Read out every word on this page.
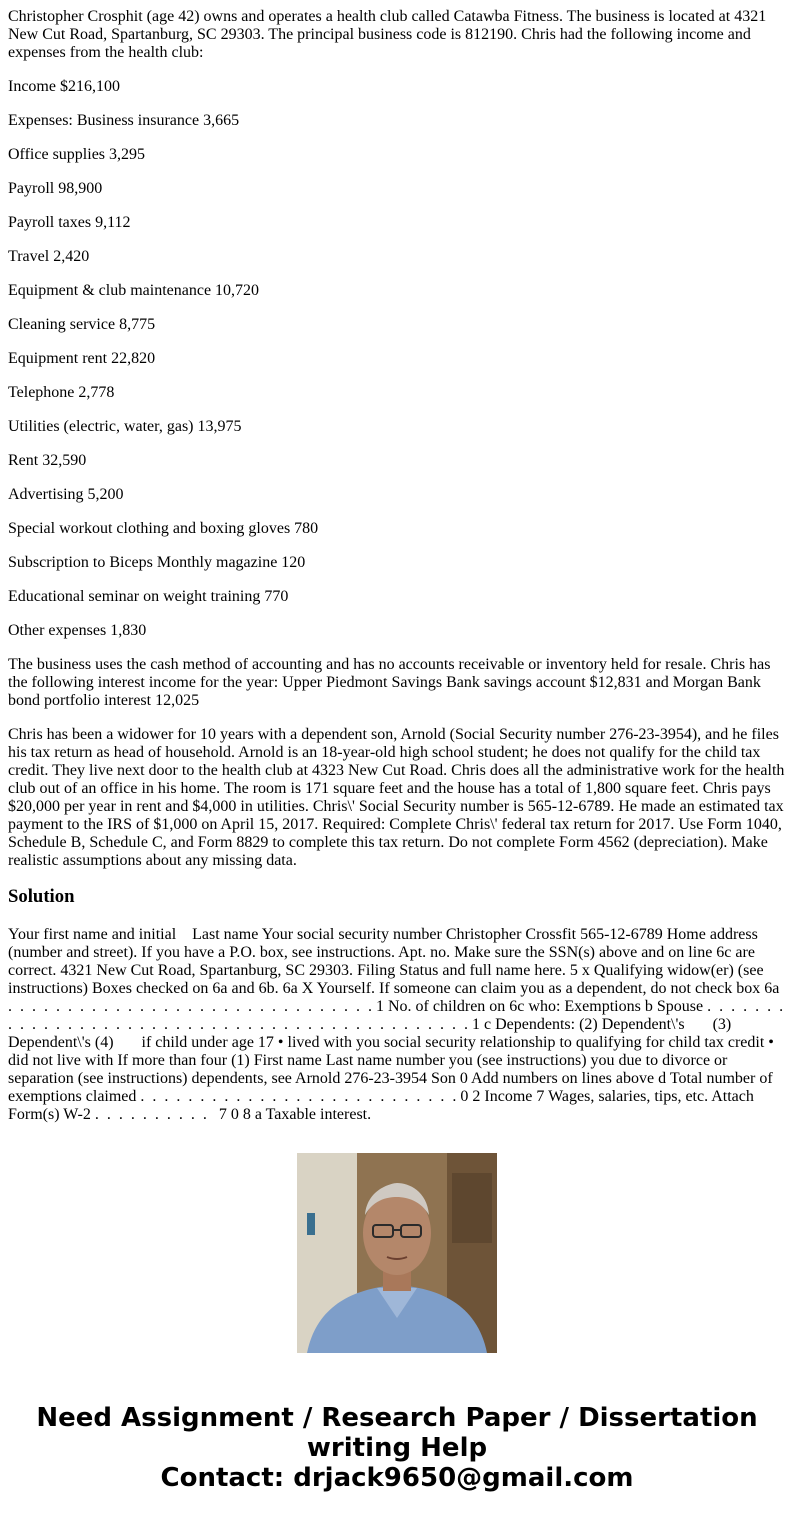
Christopher Crosphit (age 42) owns and operates a health club called Catawba Fitness. The business is located at 4321 New Cut Road, Spartanburg, SC 29303. The principal business code is 812190. Chris had the following income and expenses from the health club:

Income $216,100

Expenses: Business insurance 3,665

Office supplies 3,295

Payroll 98,900

Payroll taxes 9,112

Travel 2,420

Equipment & club maintenance 10,720

Cleaning service 8,775

Equipment rent 22,820

Telephone 2,778

Utilities (electric, water, gas) 13,975

Rent 32,590

Advertising 5,200

Special workout clothing and boxing gloves 780

Subscription to Biceps Monthly magazine 120

Educational seminar on weight training 770

Other expenses 1,830

The business uses the cash method of accounting and has no accounts receivable or inventory held for resale. Chris has the following interest income for the year: Upper Piedmont Savings Bank savings account $12,831 and Morgan Bank bond portfolio interest 12,025

Chris has been a widower for 10 years with a dependent son, Arnold (Social Security number 276-23-3954), and he files his tax return as head of household. Arnold is an 18-year-old high school student; he does not qualify for the child tax credit. They live next door to the health club at 4323 New Cut Road. Chris does all the administrative work for the health club out of an office in his home. The room is 171 square feet and the house has a total of 1,800 square feet. Chris pays $20,000 per year in rent and $4,000 in utilities. Chris\' Social Security number is 565-12-6789. He made an estimated tax payment to the IRS of $1,000 on April 15, 2017. Required: Complete Chris\' federal tax return for 2017. Use Form 1040, Schedule B, Schedule C, and Form 8829 to complete this tax return. Do not complete Form 4562 (depreciation). Make realistic assumptions about any missing data.

Solution
Your first name and initial    Last name Your social security number Christopher Crossfit 565-12-6789 Home address (number and street). If you have a P.O. box, see instructions. Apt. no. Make sure the SSN(s) above and on line 6c are correct. 4321 New Cut Road, Spartanburg, SC 29303. Filing Status and full name here. 5 x Qualifying widow(er) (see instructions) Boxes checked on 6a and 6b. 6a X Yourself. If someone can claim you as a dependent, do not check box 6a .  .  .  .  .  .  .  .  .  .  .  .  .  .  .  .  .  .  .  .  .  .  .  .  .  .  .  .  .  .  . 1 No. of children on 6c who: Exemptions b Spouse .  .  .  .  .  .  .  .  .  .  .  .  .  .  .  .  .  .  .  .  .  .  .  .  .  .  .  .  .  .  .  .  .  .  .  .  .  .  .  .  .  .  .  .  .  . 1 c Dependents: (2) Dependent\'s       (3) Dependent\'s (4)       if child under age 17 • lived with you social security relationship to qualifying for child tax credit • did not live with If more than four (1) First name Last name number you (see instructions) you due to divorce or separation (see instructions) dependents, see Arnold 276-23-3954 Son 0 Add numbers on lines above d Total number of exemptions claimed .  .  .  .  .  .  .  .  .  .  .  .  .  .  .  .  .  .  .  .  .  .  .  .  .  .  . 0 2 Income 7 Wages, salaries, tips, etc. Attach Form(s) W-2 .  .  .  .  .  .  .  .  .  .   7 0 8 a Taxable interest.
Need Assignment / Research Paper / Dissertation
writing Help
Contact: drjack9650@gmail.com
